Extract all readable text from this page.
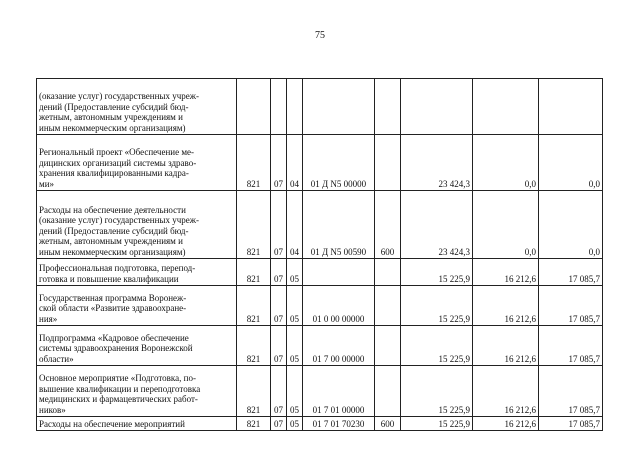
75
(оказание услуг) государственных учреж-
дений (Предоставление субсидий бюд-
жетным, автономным учреждениям и
иным некоммерческим организациям)								

Региональный проект «Обеспечение ме-
дицинских организаций системы здраво-
хранения квалифицированными кадра-
ми»	821	07	04	01 Д N5 00000		23 424,3	0,0	0,0

Расходы на обеспечение деятельности
(оказание услуг) государственных учреж-
дений (Предоставление субсидий бюд-
жетным, автономным учреждениям и
иным некоммерческим организациям)	821	07	04	01 Д N5 00590	600	23 424,3	0,0	0,0

Профессиональная подготовка, перепод-
готовка и повышение квалификации	821	07	05			15 225,9	16 212,6	17 085,7

Государственная программа Воронеж-
ской области «Развитие здравоохране-
ния»	821	07	05	01 0 00 00000		15 225,9	16 212,6	17 085,7

Подпрограмма «Кадровое обеспечение
системы здравоохранения Воронежской
области»	821	07	05	01 7 00 00000		15 225,9	16 212,6	17 085,7

Основное мероприятие «Подготовка, по-
вышение квалификации и переподготовка
медицинских и фармацевтических работ-
ников»	821	07	05	01 7 01 00000		15 225,9	16 212,6	17 085,7

Расходы на обеспечение мероприятий	821	07	05	01 7 01 70230	600	15 225,9	16 212,6	17 085,7
